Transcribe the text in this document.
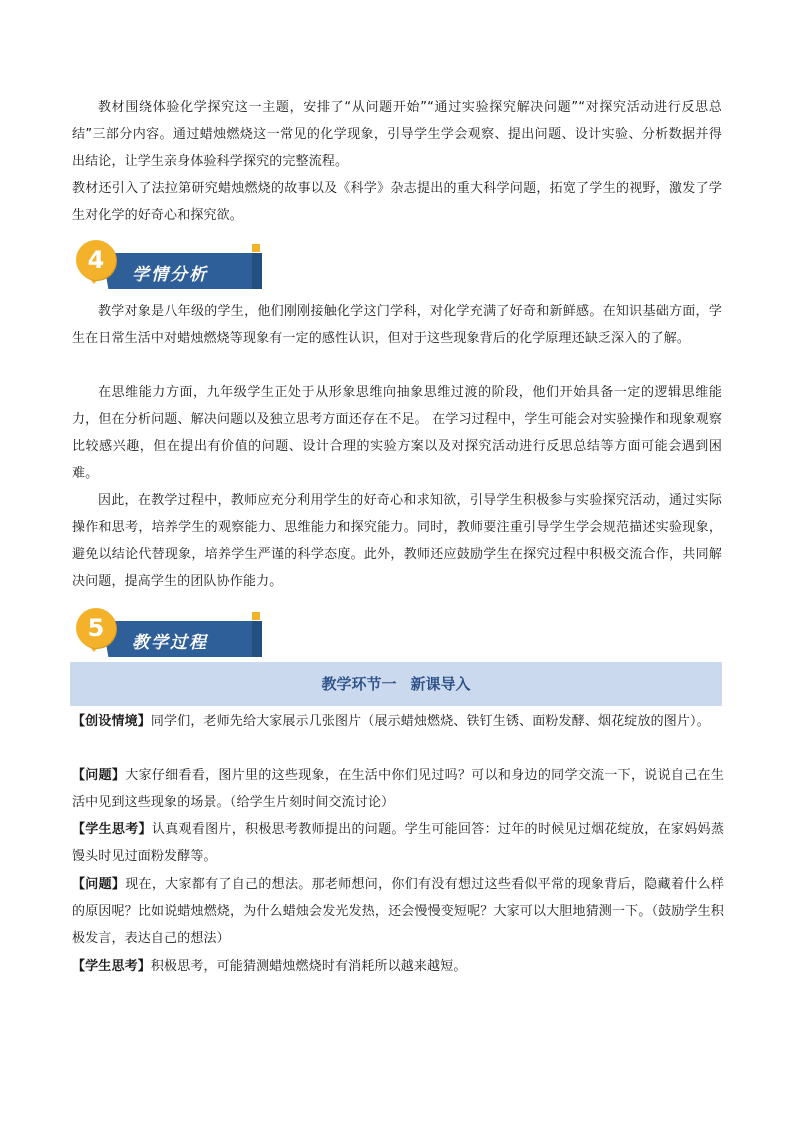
教材围绕体验化学探究这一主题，安排了“从问题开始”“通过实验探究解决问题”“对探究活动进行反思总结”三部分内容。通过蜡烛燃烧这一常见的化学现象，引导学生学会观察、提出问题、设计实验、分析数据并得出结论，让学生亲身体验科学探究的完整流程。

教材还引入了法拉第研究蜡烛燃烧的故事以及《科学》杂志提出的重大科学问题，拓宽了学生的视野，激发了学生对化学的好奇心和探究欲。

4
学情分析

教学对象是八年级的学生，他们刚刚接触化学这门学科，对化学充满了好奇和新鲜感。在知识基础方面，学生在日常生活中对蜡烛燃烧等现象有一定的感性认识，但对于这些现象背后的化学原理还缺乏深入的了解。

在思维能力方面，九年级学生正处于从形象思维向抽象思维过渡的阶段，他们开始具备一定的逻辑思维能力，但在分析问题、解决问题以及独立思考方面还存在不足。 在学习过程中，学生可能会对实验操作和现象观察比较感兴趣，但在提出有价值的问题、设计合理的实验方案以及对探究活动进行反思总结等方面可能会遇到困难。

因此，在教学过程中，教师应充分利用学生的好奇心和求知欲，引导学生积极参与实验探究活动，通过实际操作和思考，培养学生的观察能力、思维能力和探究能力。同时，教师要注重引导学生学会规范描述实验现象，避免以结论代替现象，培养学生严谨的科学态度。此外，教师还应鼓励学生在探究过程中积极交流合作，共同解决问题，提高学生的团队协作能力。

5
教学过程
教学环节一 新课导入

【创设情境】同学们，老师先给大家展示几张图片（展示蜡烛燃烧、铁钉生锈、面粉发酵、烟花绽放的图片）。

【问题】大家仔细看看，图片里的这些现象，在生活中你们见过吗？可以和身边的同学交流一下，说说自己在生活中见到这些现象的场景。（给学生片刻时间交流讨论）

【学生思考】认真观看图片，积极思考教师提出的问题。学生可能回答：过年的时候见过烟花绽放，在家妈妈蒸馒头时见过面粉发酵等。

【问题】现在，大家都有了自己的想法。那老师想问，你们有没有想过这些看似平常的现象背后，隐藏着什么样的原因呢？比如说蜡烛燃烧，为什么蜡烛会发光发热，还会慢慢变短呢？大家可以大胆地猜测一下。（鼓励学生积极发言，表达自己的想法）

【学生思考】积极思考，可能猜测蜡烛燃烧时有消耗所以越来越短。
